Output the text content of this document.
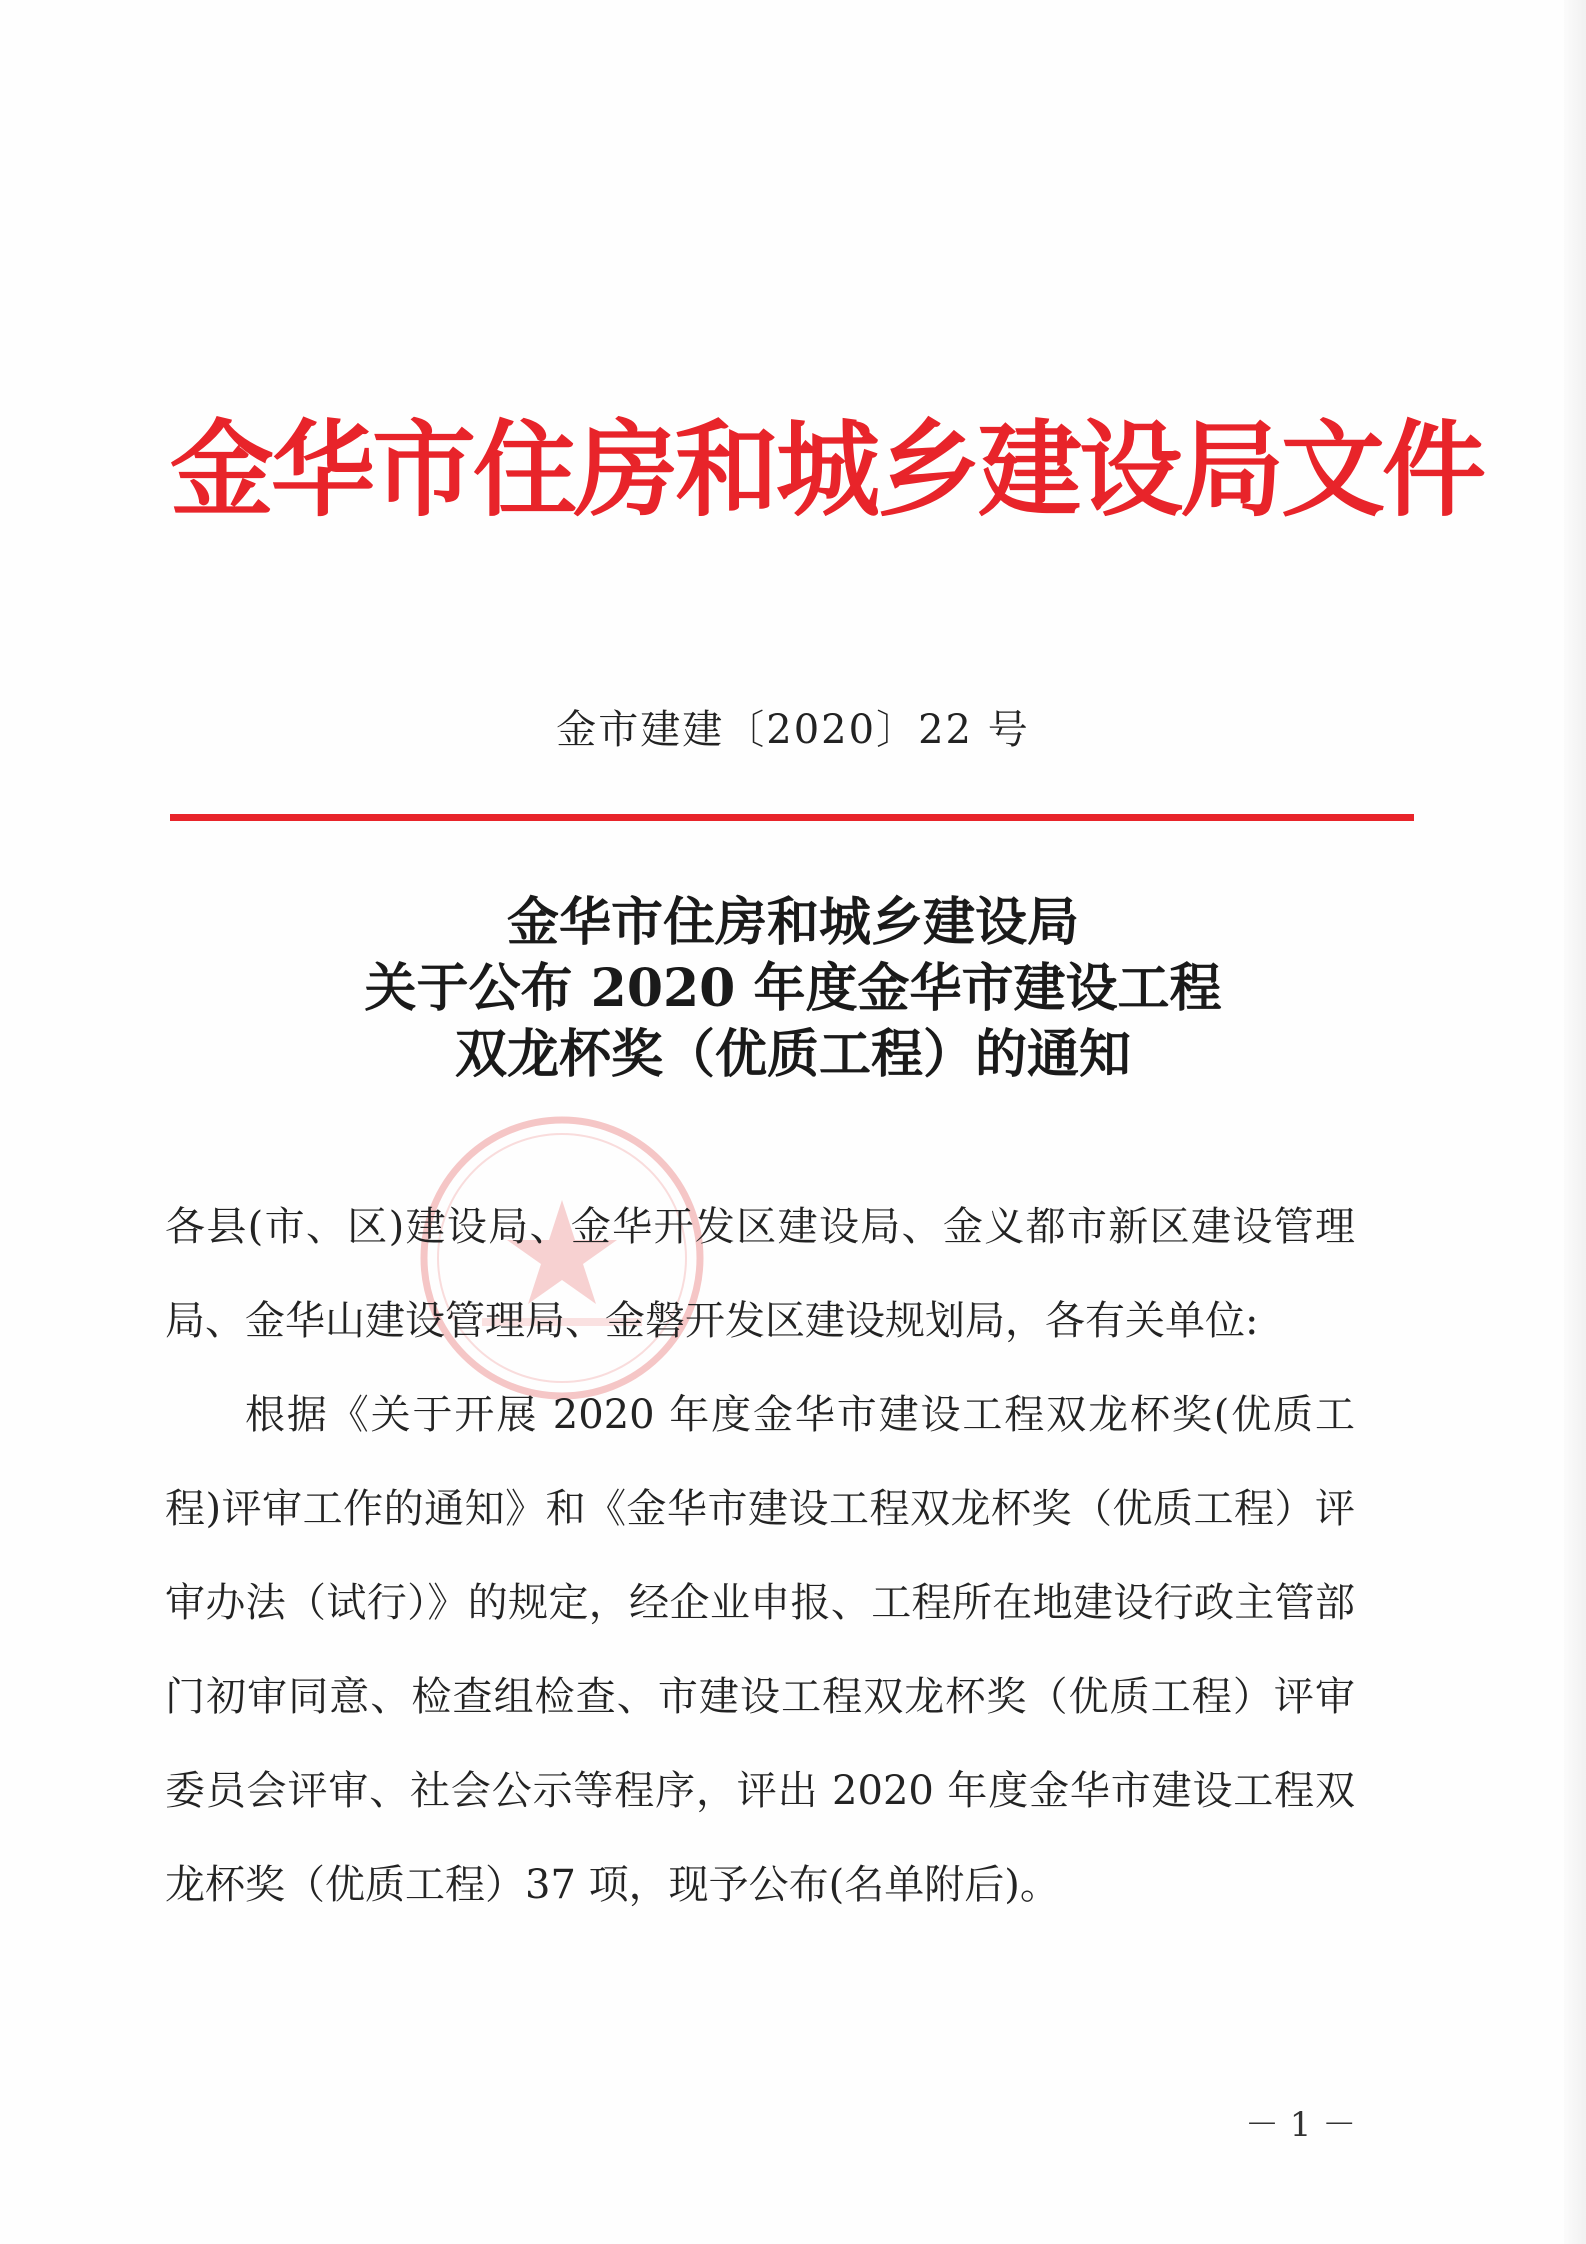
金华市住房和城乡建设局文件
金市建建〔2020〕22 号
金华市住房和城乡建设局
关于公布 2020 年度金华市建设工程
双龙杯奖（优质工程）的通知

各县(市、区)建设局、金华开发区建设局、金义都市新区建设管理局、金华山建设管理局、金磐开发区建设规划局，各有关单位:

根据《关于开展 2020 年度金华市建设工程双龙杯奖(优质工程)评审工作的通知》和《金华市建设工程双龙杯奖（优质工程）评审办法（试行）》的规定，经企业申报、工程所在地建设行政主管部门初审同意、检查组检查、市建设工程双龙杯奖（优质工程）评审委员会评审、社会公示等程序，评出 2020 年度金华市建设工程双龙杯奖（优质工程）37 项，现予公布(名单附后)。

－ 1 －
